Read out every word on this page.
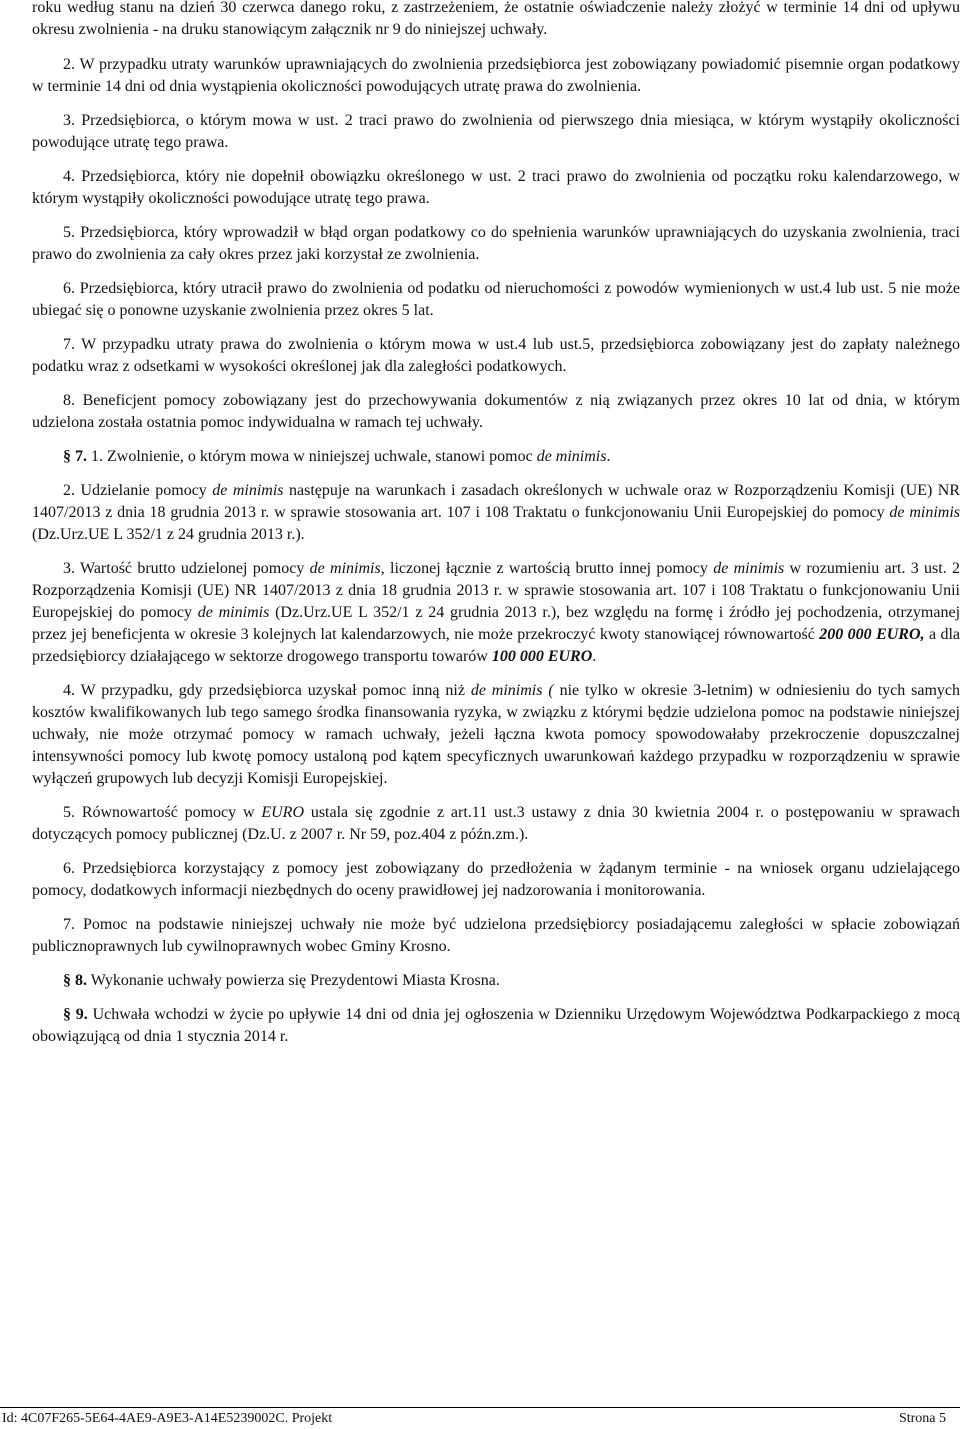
roku według stanu na dzień 30 czerwca danego roku, z zastrzeżeniem, że ostatnie oświadczenie należy złożyć w terminie 14 dni od upływu okresu zwolnienia - na druku stanowiącym załącznik nr 9 do niniejszej uchwały.

2. W przypadku utraty warunków uprawniających do zwolnienia przedsiębiorca jest zobowiązany powiadomić pisemnie organ podatkowy w terminie 14 dni od dnia wystąpienia okoliczności powodujących utratę prawa do zwolnienia.

3. Przedsiębiorca, o którym mowa w ust. 2 traci prawo do zwolnienia od pierwszego dnia miesiąca, w którym wystąpiły okoliczności powodujące utratę tego prawa.

4. Przedsiębiorca, który nie dopełnił obowiązku określonego w ust. 2 traci prawo do zwolnienia od początku roku kalendarzowego, w którym wystąpiły okoliczności powodujące utratę tego prawa.

5. Przedsiębiorca, który wprowadził w błąd organ podatkowy co do spełnienia warunków uprawniających do uzyskania zwolnienia, traci prawo do zwolnienia za cały okres przez jaki korzystał ze zwolnienia.

6. Przedsiębiorca, który utracił prawo do zwolnienia od podatku od nieruchomości z powodów wymienionych w ust.4 lub ust. 5 nie może ubiegać się o ponowne uzyskanie zwolnienia przez okres 5 lat.

7. W przypadku utraty prawa do zwolnienia o którym mowa w ust.4 lub ust.5, przedsiębiorca zobowiązany jest do zapłaty należnego podatku wraz z odsetkami w wysokości określonej jak dla zaległości podatkowych.

8. Beneficjent pomocy zobowiązany jest do przechowywania dokumentów z nią związanych przez okres 10 lat od dnia, w którym udzielona została ostatnia pomoc indywidualna w ramach tej uchwały.

§ 7. 1. Zwolnienie, o którym mowa w niniejszej uchwale, stanowi pomoc de minimis.

2. Udzielanie pomocy de minimis następuje na warunkach i zasadach określonych w uchwale oraz w Rozporządzeniu Komisji (UE) NR 1407/2013 z dnia 18 grudnia 2013 r. w sprawie stosowania art. 107 i 108 Traktatu o funkcjonowaniu Unii Europejskiej do pomocy de minimis (Dz.Urz.UE L 352/1 z 24 grudnia 2013 r.).

3. Wartość brutto udzielonej pomocy de minimis, liczonej łącznie z wartością brutto innej pomocy de minimis w rozumieniu art. 3 ust. 2 Rozporządzenia Komisji (UE) NR 1407/2013 z dnia 18 grudnia 2013 r. w sprawie stosowania art. 107 i 108 Traktatu o funkcjonowaniu Unii Europejskiej do pomocy de minimis (Dz.Urz.UE L 352/1 z 24 grudnia 2013 r.), bez względu na formę i źródło jej pochodzenia, otrzymanej przez jej beneficjenta w okresie 3 kolejnych lat kalendarzowych, nie może przekroczyć kwoty stanowiącej równowartość 200 000 EURO, a dla przedsiębiorcy działającego w sektorze drogowego transportu towarów 100 000 EURO.

4. W przypadku, gdy przedsiębiorca uzyskał pomoc inną niż de minimis ( nie tylko w okresie 3-letnim) w odniesieniu do tych samych kosztów kwalifikowanych lub tego samego środka finansowania ryzyka, w związku z którymi będzie udzielona pomoc na podstawie niniejszej uchwały, nie może otrzymać pomocy w ramach uchwały, jeżeli łączna kwota pomocy spowodowałaby przekroczenie dopuszczalnej intensywności pomocy lub kwotę pomocy ustaloną pod kątem specyficznych uwarunkowań każdego przypadku w rozporządzeniu w sprawie wyłączeń grupowych lub decyzji Komisji Europejskiej.

5. Równowartość pomocy w EURO ustala się zgodnie z art.11 ust.3 ustawy z dnia 30 kwietnia 2004 r. o postępowaniu w sprawach dotyczących pomocy publicznej (Dz.U. z 2007 r. Nr 59, poz.404 z późn.zm.).

6. Przedsiębiorca korzystający z pomocy jest zobowiązany do przedłożenia w żądanym terminie - na wniosek organu udzielającego pomocy, dodatkowych informacji niezbędnych do oceny prawidłowej jej nadzorowania i monitorowania.

7. Pomoc na podstawie niniejszej uchwały nie może być udzielona przedsiębiorcy posiadającemu zaległości w spłacie zobowiązań publicznoprawnych lub cywilnoprawnych wobec Gminy Krosno.

§ 8. Wykonanie uchwały powierza się Prezydentowi Miasta Krosna.

§ 9. Uchwała wchodzi w życie po upływie 14 dni od dnia jej ogłoszenia w Dzienniku Urzędowym Województwa Podkarpackiego z mocą obowiązującą od dnia 1 stycznia 2014 r.

Id: 4C07F265-5E64-4AE9-A9E3-A14E5239002C. Projekt	Strona 5
